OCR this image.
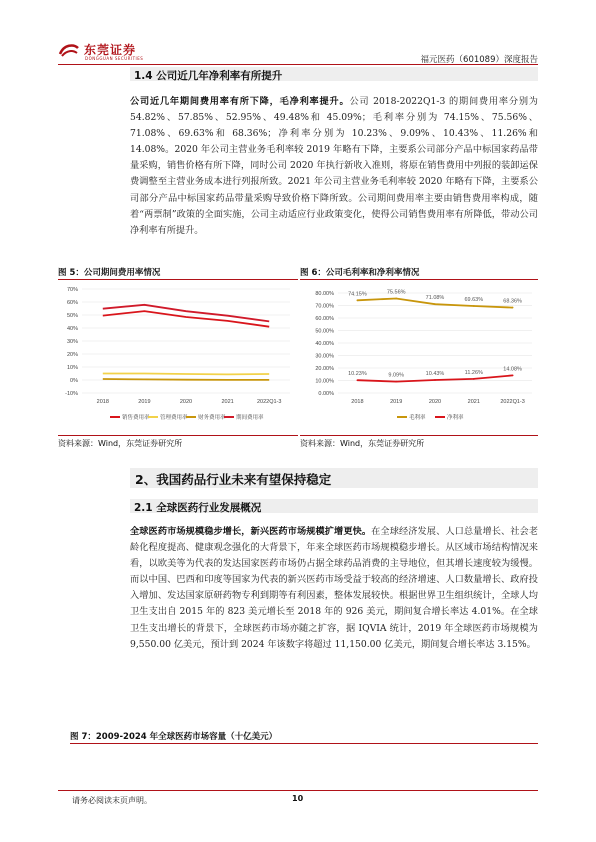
东莞证券
DONGGUAN SECURITIES	福元医药（601089）深度报告
1.4 公司近几年净利率有所提升
公司近几年期间费用率有所下降，毛净利率提升。公司 2018-2022Q1-3 的期间费用率分别为 54.82%、57.85%、52.95%、49.48%和 45.09%；毛利率分别为 74.15%、75.56%、71.08%、69.63%和 68.36%；净利率分别为 10.23%、9.09%、10.43%、11.26%和 14.08%。2020 年公司主营业务毛利率较 2019 年略有下降，主要系公司部分产品中标国家药品带量采购，销售价格有所下降，同时公司 2020 年执行新收入准则，将原在销售费用中列报的装卸运保费调整至主营业务成本进行列报所致。2021 年公司主营业务毛利率较 2020 年略有下降，主要系公司部分产品中标国家药品带量采购导致价格下降所致。公司期间费用率主要由销售费用率构成，随着“两票制”政策的全面实施，公司主动适应行业政策变化，使得公司销售费用率有所降低，带动公司净利率有所提升。
图 5：公司期间费用率情况
70%
60%
50%
40%
30%
20%
10%
0%
-10%
2018	2019	2020	2021	2022Q1-3
销售费用率 管理费用率 财务费用率 期间费用率
资料来源：Wind，东莞证券研究所
图 6：公司毛利率和净利率情况
80.00%
70.00%
60.00%
50.00%
40.00%
30.00%
20.00%
10.00%
0.00%
2018	2019	2020	2021	2022Q1-3
74.15%	75.56%
71.08%	69.63%	68.36%
10.23%	9.09%	10.43%	11.26%
14.08%
毛利率	净利率
资料来源：Wind，东莞证券研究所
2、我国药品行业未来有望保持稳定
2.1 全球医药行业发展概况
全球医药市场规模稳步增长，新兴医药市场规模扩增更快。在全球经济发展、人口总量增长、社会老龄化程度提高、健康观念强化的大背景下，年来全球医药市场规模稳步增长。从区域市场结构情况来看，以欧美等为代表的发达国家医药市场仍占据全球药品消费的主导地位，但其增长速度较为缓慢。而以中国、巴西和印度等国家为代表的新兴医药市场受益于较高的经济增速、人口数量增长、政府投入增加、发达国家原研药物专利到期等有利因素，整体发展较快。根据世界卫生组织统计，全球人均卫生支出自 2015 年的 823 美元增长至 2018 年的 926 美元，期间复合增长率达 4.01%。在全球卫生支出增长的背景下，全球医药市场亦随之扩容，据 IQVIA 统计，2019 年全球医药市场规模为 9,550.00 亿美元，预计到 2024 年该数字将超过 11,150.00 亿美元，期间复合增长率达 3.15%。
图 7：2009-2024 年全球医药市场容量（十亿美元）
请务必阅读末页声明。	10
